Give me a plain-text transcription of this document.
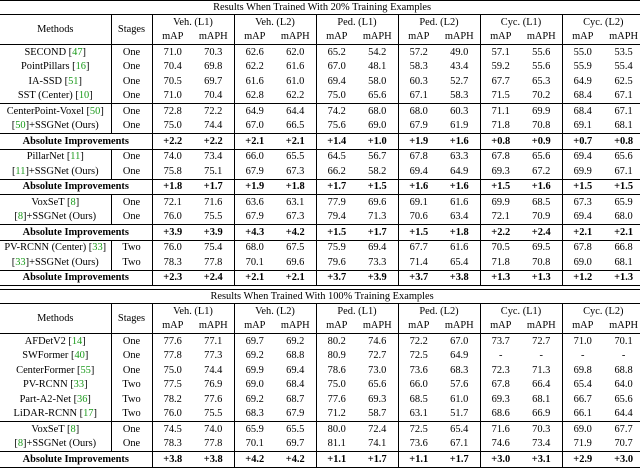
Results When Trained With 20% Training Examples													
Methods	Stages	Veh. (L1)		Veh. (L2)		Ped. (L1)		Ped. (L2)		Cyc. (L1)		Cyc. (L2)	
		mAP	mAPH	mAP	mAPH	mAP	mAPH	mAP	mAPH	mAP	mAPH	mAP	mAPH
SECOND [47]	One	71.0	70.3	62.6	62.0	65.2	54.2	57.2	49.0	57.1	55.6	55.0	53.5
PointPillars [16]	One	70.4	69.8	62.2	61.6	67.0	48.1	58.3	43.4	59.2	55.6	55.9	55.4
IA-SSD [51]	One	70.5	69.7	61.6	61.0	69.4	58.0	60.3	52.7	67.7	65.3	64.9	62.5
SST (Center) [10]	One	71.0	70.4	62.8	62.2	75.0	65.6	67.1	58.3	71.5	70.2	68.4	67.1
CenterPoint-Voxel [50]	One	72.8	72.2	64.9	64.4	74.2	68.0	68.0	60.3	71.1	69.9	68.4	67.1
[50]+SSGNet (Ours)	One	75.0	74.4	67.0	66.5	75.6	69.0	67.9	61.9	71.8	70.8	69.1	68.1
Absolute Improvements		+2.2	+2.2	+2.1	+2.1	+1.4	+1.0	+1.9	+1.6	+0.8	+0.9	+0.7	+0.8
PillarNet [11]	One	74.0	73.4	66.0	65.5	64.5	56.7	67.8	63.3	67.8	65.6	69.4	65.6
[11]+SSGNet (Ours)	One	75.8	75.1	67.9	67.3	66.2	58.2	69.4	64.9	69.3	67.2	69.9	67.1
Absolute Improvements		+1.8	+1.7	+1.9	+1.8	+1.7	+1.5	+1.6	+1.6	+1.5	+1.6	+1.5	+1.5
VoxSeT [8]	One	72.1	71.6	63.6	63.1	77.9	69.6	69.1	61.6	69.9	68.5	67.3	65.9
[8]+SSGNet (Ours)	One	76.0	75.5	67.9	67.3	79.4	71.3	70.6	63.4	72.1	70.9	69.4	68.0
Absolute Improvements		+3.9	+3.9	+4.3	+4.2	+1.5	+1.7	+1.5	+1.8	+2.2	+2.4	+2.1	+2.1
PV-RCNN (Center) [33]	Two	76.0	75.4	68.0	67.5	75.9	69.4	67.7	61.6	70.5	69.5	67.8	66.8
[33]+SSGNet (Ours)	Two	78.3	77.8	70.1	69.6	79.6	73.3	71.4	65.4	71.8	70.8	69.0	68.1
Absolute Improvements		+2.3	+2.4	+2.1	+2.1	+3.7	+3.9	+3.7	+3.8	+1.3	+1.3	+1.2	+1.3

Results When Trained With 100% Training Examples													
Methods	Stages	Veh. (L1)		Veh. (L2)		Ped. (L1)		Ped. (L2)		Cyc. (L1)		Cyc. (L2)	
		mAP	mAPH	mAP	mAPH	mAP	mAPH	mAP	mAPH	mAP	mAPH	mAP	mAPH
AFDetV2 [14]	One	77.6	77.1	69.7	69.2	80.2	74.6	72.2	67.0	73.7	72.7	71.0	70.1
SWFormer [40]	One	77.8	77.3	69.2	68.8	80.9	72.7	72.5	64.9	-	-	-	-
CenterFormer [55]	One	75.0	74.4	69.9	69.4	78.6	73.0	73.6	68.3	72.3	71.3	69.8	68.8
PV-RCNN [33]	Two	77.5	76.9	69.0	68.4	75.0	65.6	66.0	57.6	67.8	66.4	65.4	64.0
Part-A2-Net [36]	Two	78.2	77.6	69.2	68.7	77.6	69.3	68.5	61.0	69.3	68.1	66.7	65.6
LiDAR-RCNN [17]	Two	76.0	75.5	68.3	67.9	71.2	58.7	63.1	51.7	68.6	66.9	66.1	64.4
VoxSeT [8]	One	74.5	74.0	65.9	65.5	80.0	72.4	72.5	65.4	71.6	70.3	69.0	67.7
[8]+SSGNet (Ours)	One	78.3	77.8	70.1	69.7	81.1	74.1	73.6	67.1	74.6	73.4	71.9	70.7
Absolute Improvements		+3.8	+3.8	+4.2	+4.2	+1.1	+1.7	+1.1	+1.7	+3.0	+3.1	+2.9	+3.0
